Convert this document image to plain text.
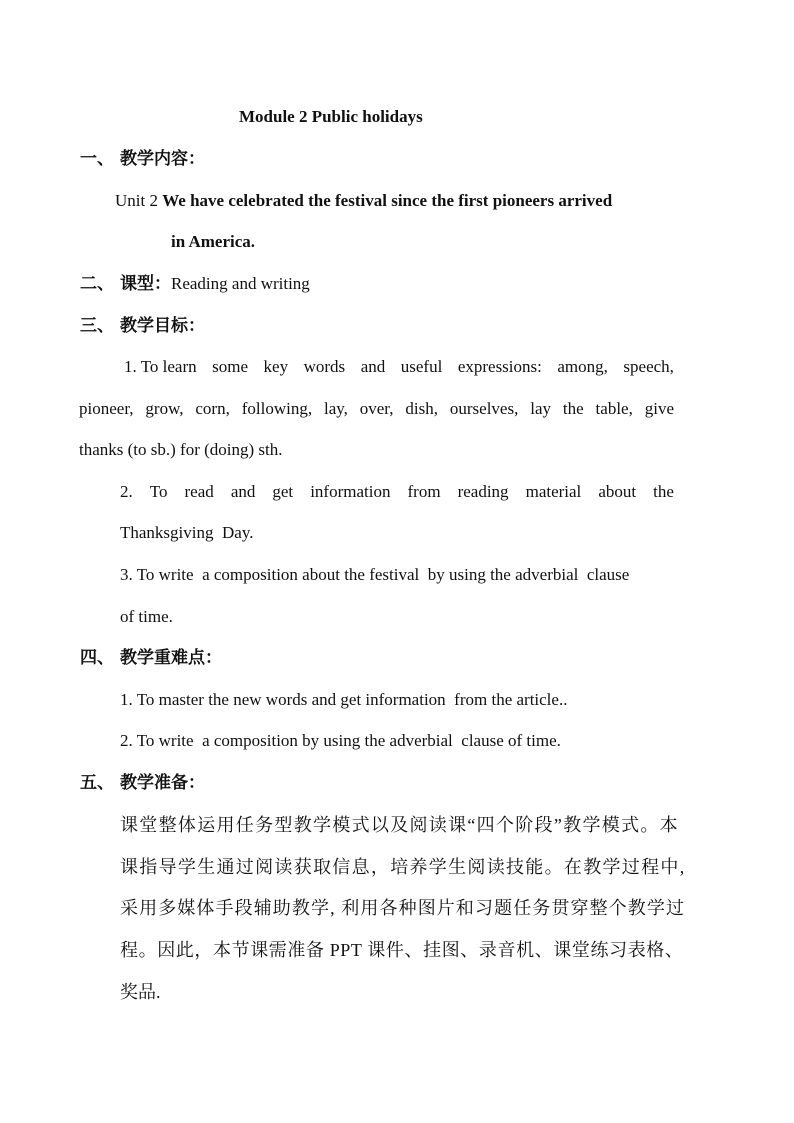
Module 2 Public holidays
一、 教学内容：
Unit 2 We have celebrated the festival since the first pioneers arrived
in America.
二、 课型：Reading and writing
三、 教学目标：
1. To learn some key words and useful expressions: among, speech,
pioneer, grow, corn, following, lay, over, dish, ourselves, lay the table, give
thanks (to sb.) for (doing) sth.
2. To read and get information from reading material about the
Thanksgiving  Day.
3. To write  a composition about the festival  by using the adverbial  clause
of time.
四、 教学重难点：
1. To master the new words and get information  from the article..
2. To write  a composition by using the adverbial  clause of time.
五、 教学准备：
课堂整体运用任务型教学模式以及阅读课“四个阶段”教学模式。本
课指导学生通过阅读获取信息，培养学生阅读技能。在教学过程中,
采用多媒体手段辅助教学, 利用各种图片和习题任务贯穿整个教学过
程。因此，本节课需准备 PPT 课件、挂图、录音机、课堂练习表格、
奖品.
